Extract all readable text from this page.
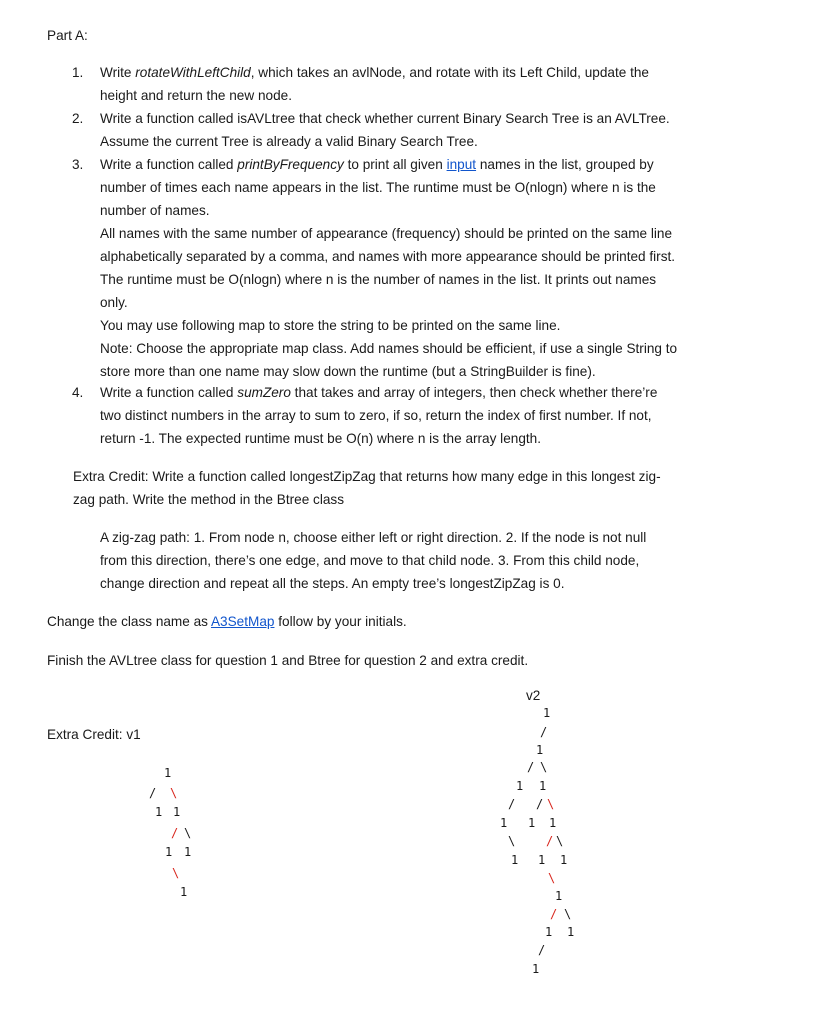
Part A:
1. Write rotateWithLeftChild, which takes an avlNode, and rotate with its Left Child, update the
height and return the new node.
2. Write a function called isAVLtree that check whether current Binary Search Tree is an AVLTree.
Assume the current Tree is already a valid Binary Search Tree.
3. Write a function called printByFrequency to print all given input names in the list, grouped by
number of times each name appears in the list. The runtime must be O(nlogn) where n is the
number of names.
All names with the same number of appearance (frequency) should be printed on the same line
alphabetically separated by a comma, and names with more appearance should be printed first.
The runtime must be O(nlogn) where n is the number of names in the list. It prints out names
only.
You may use following map to store the string to be printed on the same line.
Note: Choose the appropriate map class. Add names should be efficient, if use a single String to
store more than one name may slow down the runtime (but a StringBuilder is fine).
4. Write a function called sumZero that takes and array of integers, then check whether there’re
two distinct numbers in the array to sum to zero, if so, return the index of first number. If not,
return -1. The expected runtime must be O(n) where n is the array length.
Extra Credit: Write a function called longestZipZag that returns how many edge in this longest zig-
zag path. Write the method in the Btree class
A zig-zag path: 1. From node n, choose either left or right direction. 2. If the node is not null
from this direction, there’s one edge, and move to that child node. 3. From this child node,
change direction and repeat all the steps. An empty tree’s longestZipZag is 0.
Change the class name as A3SetMap follow by your initials.
Finish the AVLtree class for question 1 and Btree for question 2 and extra credit.
Extra Credit: v1
v2
1
/ \
1 1
/ \
1 1
\
1
1
/
1
/ \
1 1
/ / \
1 1 1
\	/ \
1 1 1
\
1
/ \
1 1
/
1
